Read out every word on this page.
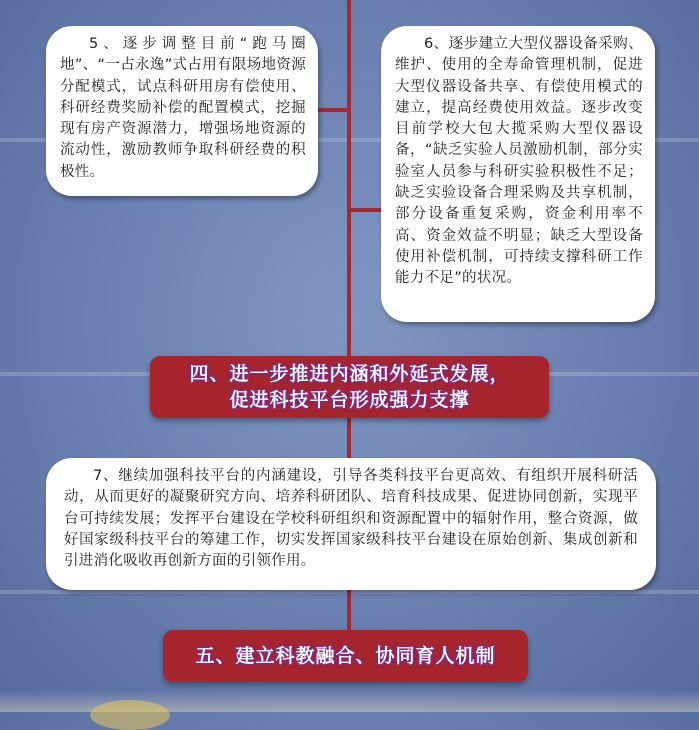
5、逐步调整目前“跑马圈地”、“一占永逸”式占用有限场地资源分配模式，试点科研用房有偿使用、科研经费奖励补偿的配置模式，挖掘现有房产资源潜力，增强场地资源的流动性，激励教师争取科研经费的积极性。

6、逐步建立大型仪器设备采购、维护、使用的全寿命管理机制，促进大型仪器设备共享、有偿使用模式的建立，提高经费使用效益。逐步改变目前学校大包大揽采购大型仪器设备，“缺乏实验人员激励机制，部分实验室人员参与科研实验积极性不足；缺乏实验设备合理采购及共享机制，部分设备重复采购，资金利用率不高、资金效益不明显；缺乏大型设备使用补偿机制，可持续支撑科研工作能力不足”的状况。

四、进一步推进内涵和外延式发展，
促进科技平台形成强力支撑

7、继续加强科技平台的内涵建设，引导各类科技平台更高效、有组织开展科研活动，从而更好的凝聚研究方向、培养科研团队、培育科技成果、促进协同创新，实现平台可持续发展；发挥平台建设在学校科研组织和资源配置中的辐射作用，整合资源，做好国家级科技平台的筹建工作，切实发挥国家级科技平台建设在原始创新、集成创新和引进消化吸收再创新方面的引领作用。

五、建立科教融合、协同育人机制
